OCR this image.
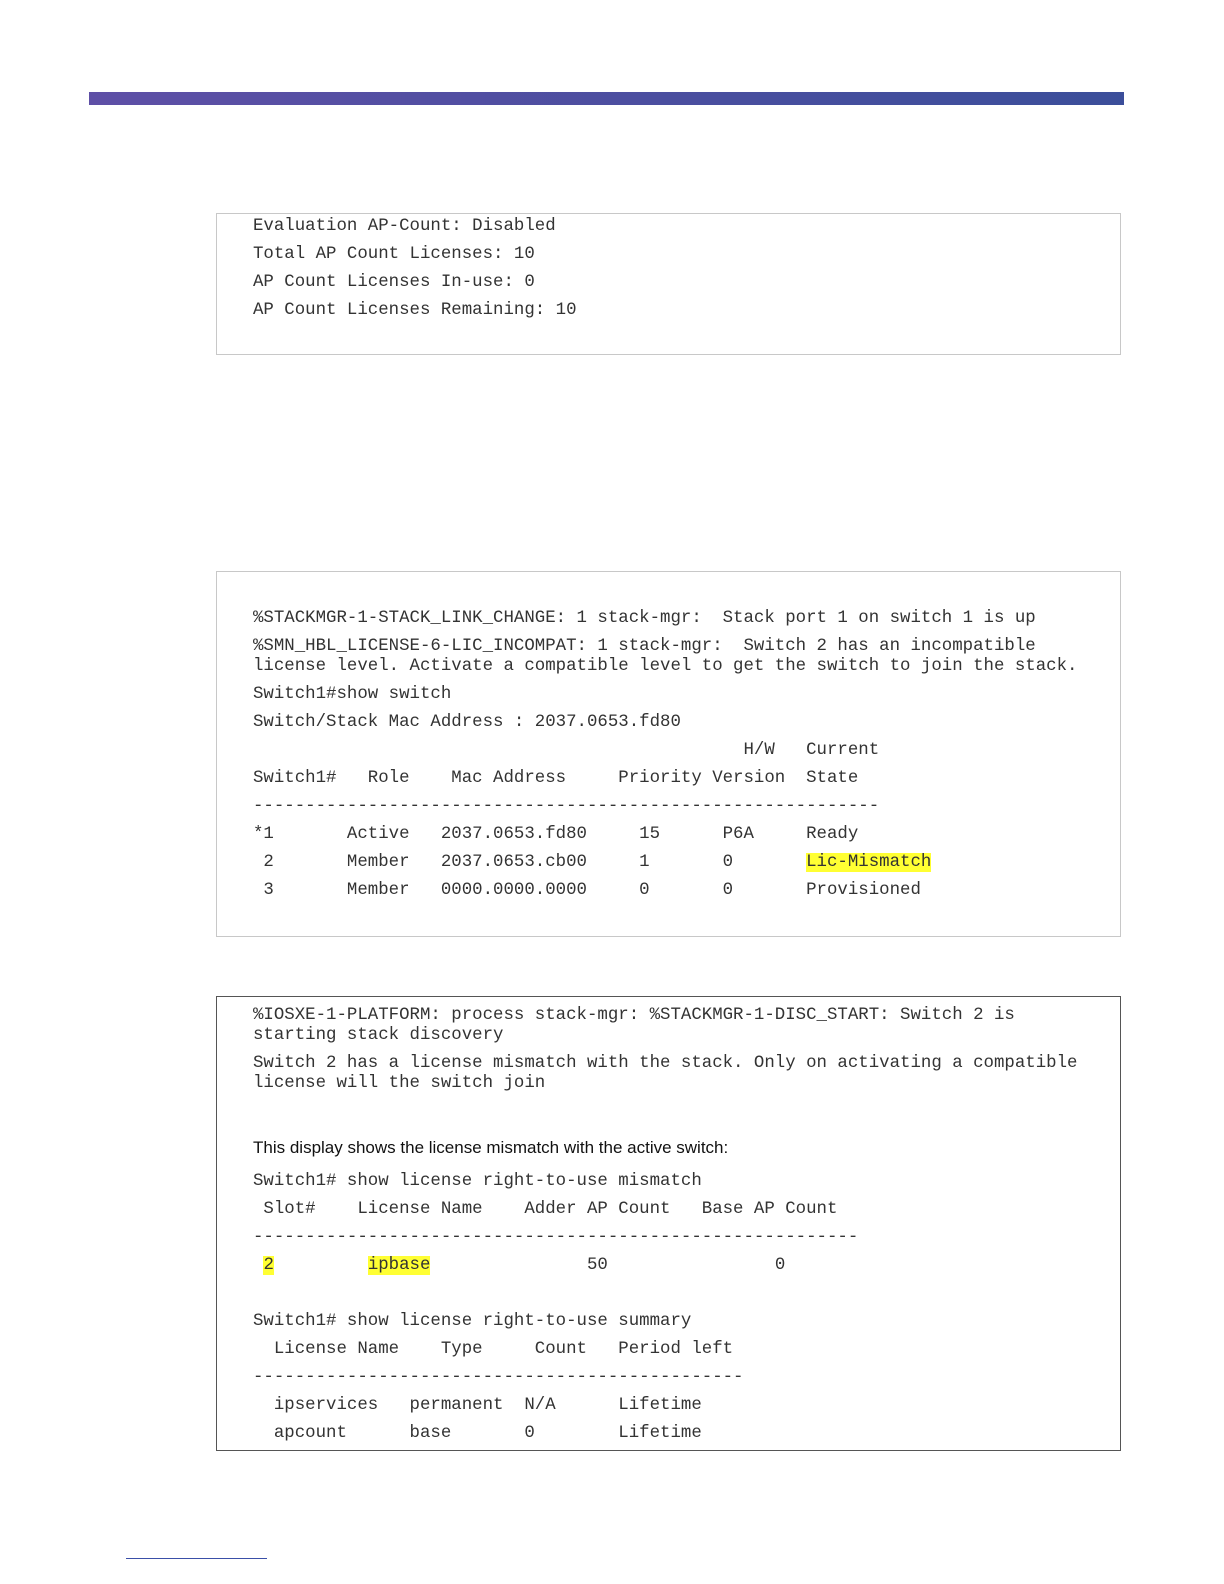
Evaluation AP-Count: Disabled
Total AP Count Licenses: 10
AP Count Licenses In-use: 0
AP Count Licenses Remaining: 10
%STACKMGR-1-STACK_LINK_CHANGE: 1 stack-mgr:  Stack port 1 on switch 1 is up
%SMN_HBL_LICENSE-6-LIC_INCOMPAT: 1 stack-mgr:  Switch 2 has an incompatible
license level. Activate a compatible level to get the switch to join the stack.
Switch1#show switch
Switch/Stack Mac Address : 2037.0653.fd80
H/W   Current
Switch1#   Role    Mac Address     Priority Version  State
------------------------------------------------------------
*1       Active   2037.0653.fd80     15      P6A     Ready
2       Member   2037.0653.cb00     1       0       Lic-Mismatch
3       Member   0000.0000.0000     0       0       Provisioned
%IOSXE-1-PLATFORM: process stack-mgr: %STACKMGR-1-DISC_START: Switch 2 is
starting stack discovery
Switch 2 has a license mismatch with the stack. Only on activating a compatible
license will the switch join
This display shows the license mismatch with the active switch:
Switch1# show license right-to-use mismatch
Slot#    License Name    Adder AP Count   Base AP Count
----------------------------------------------------------
2	ipbase	50	0
Switch1# show license right-to-use summary
License Name    Type     Count   Period left
-----------------------------------------------
ipservices   permanent  N/A      Lifetime
apcount      base       0        Lifetime
